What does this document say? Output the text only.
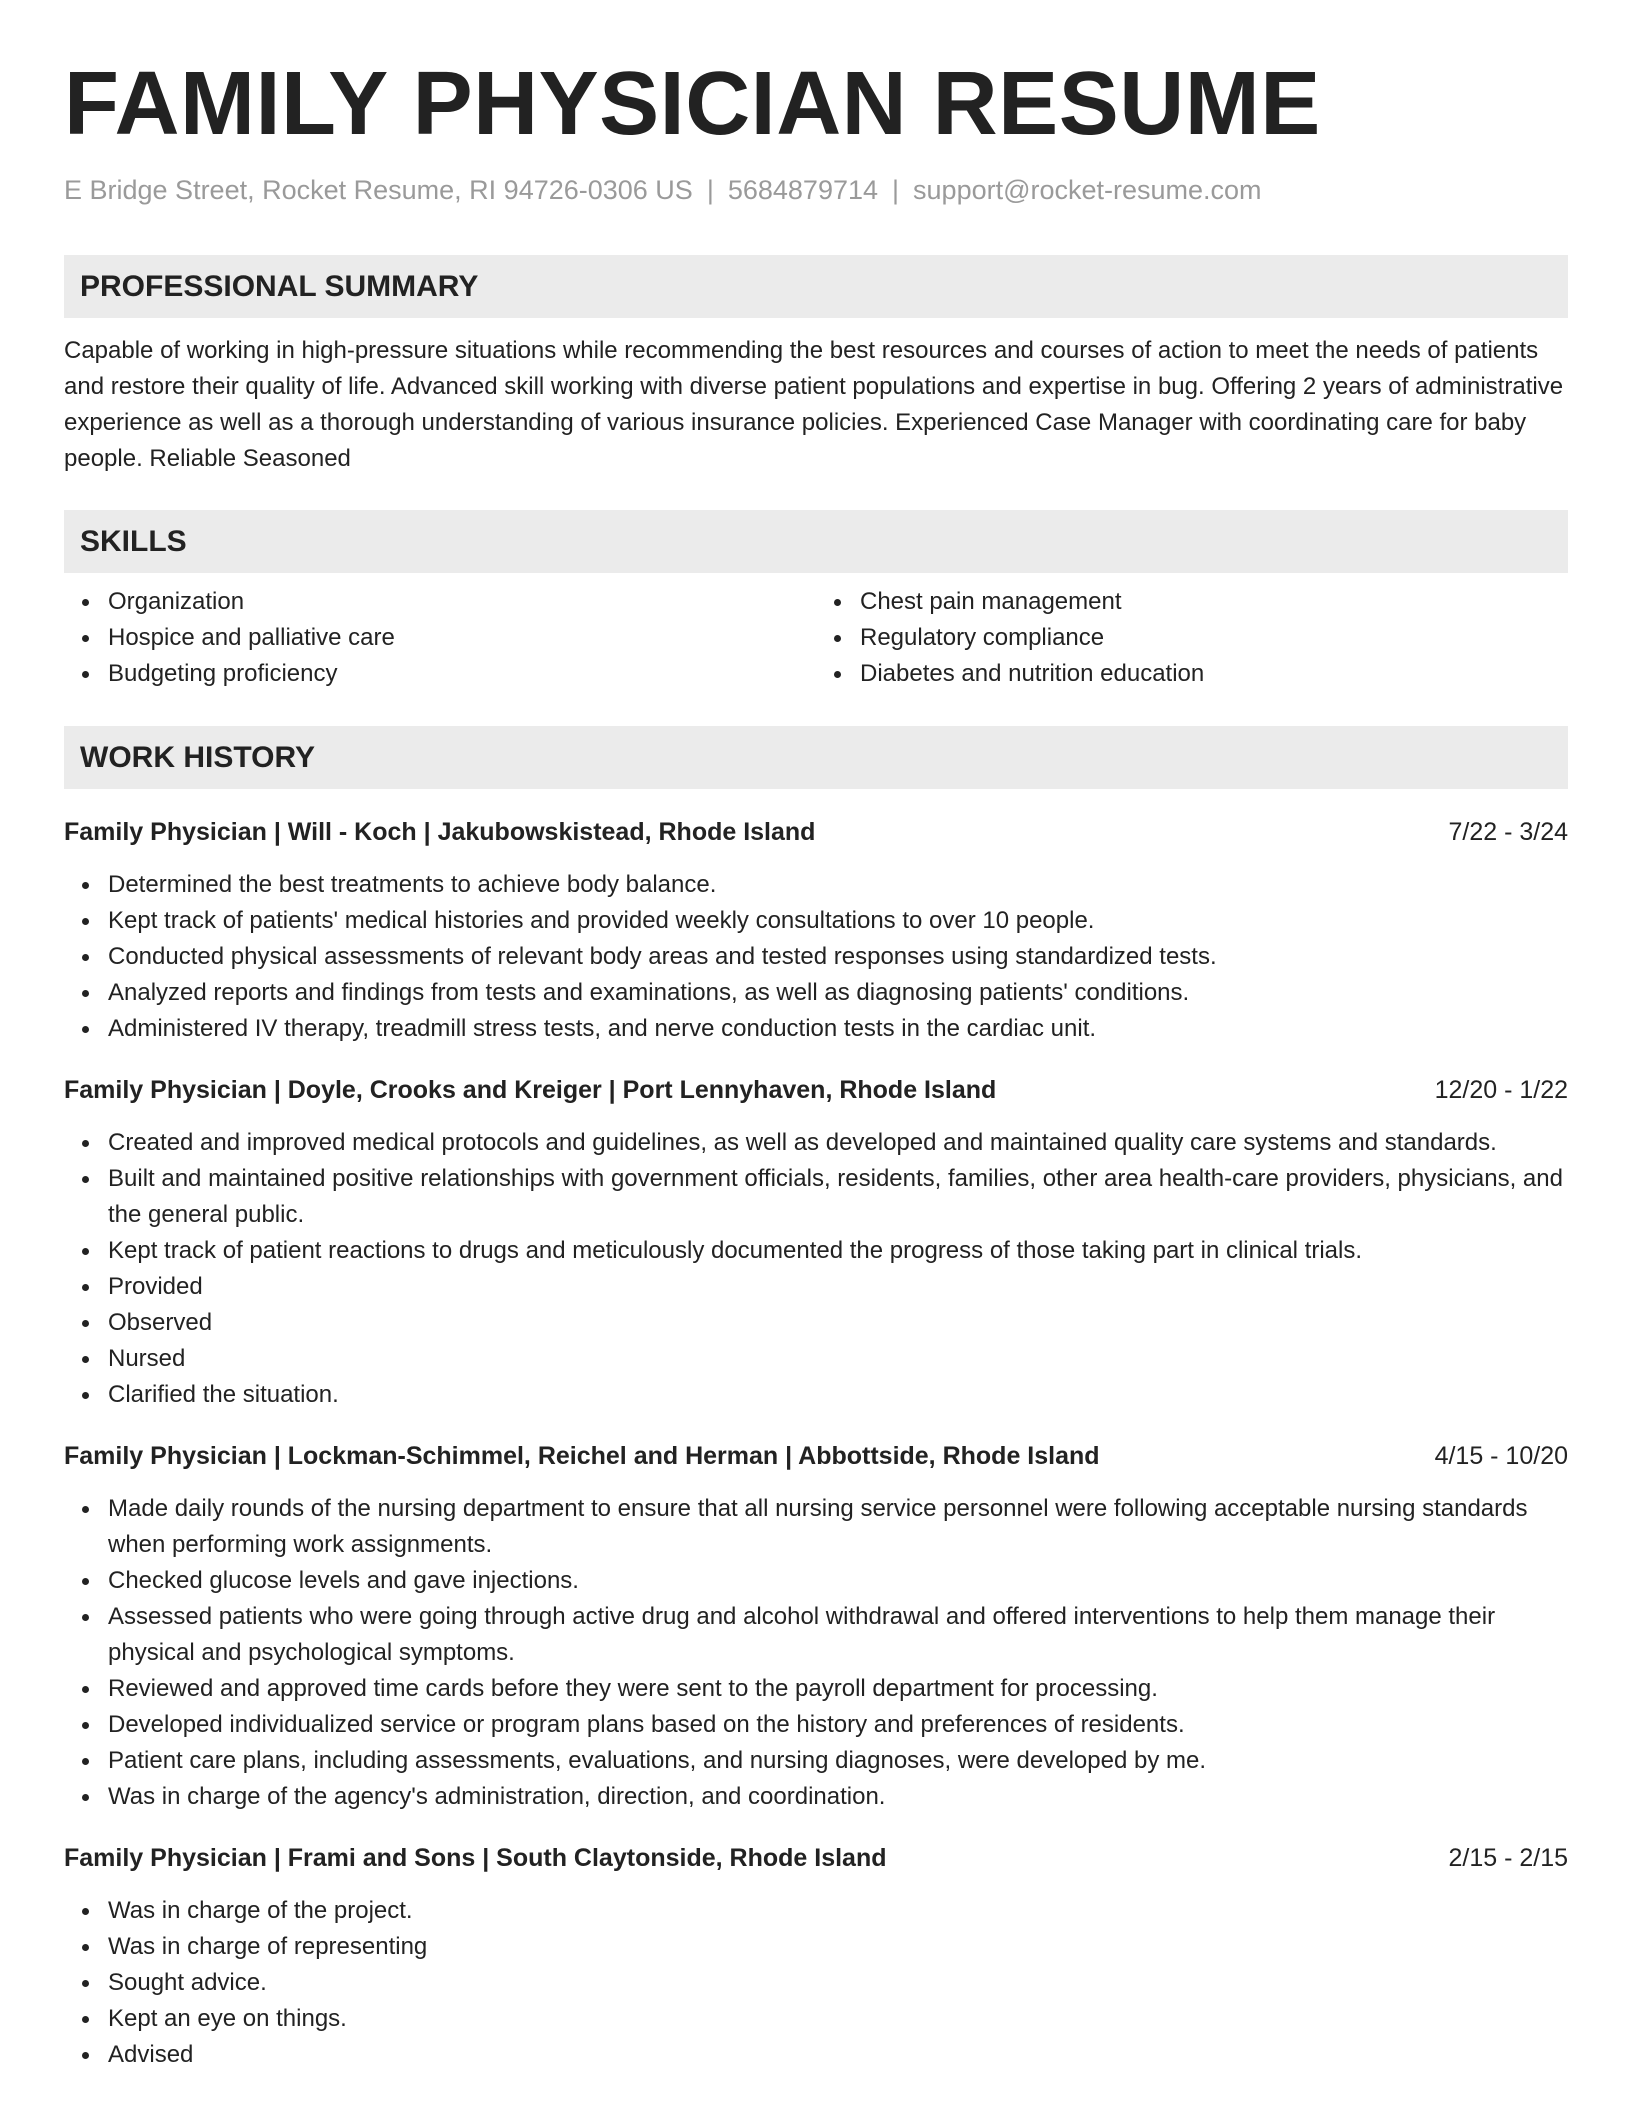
FAMILY PHYSICIAN RESUME
E Bridge Street, Rocket Resume, RI 94726-0306 US | 5684879714 | support@rocket-resume.com
PROFESSIONAL SUMMARY
Capable of working in high-pressure situations while recommending the best resources and courses of action to meet the needs of patients and restore their quality of life. Advanced skill working with diverse patient populations and expertise in bug. Offering 2 years of administrative experience as well as a thorough understanding of various insurance policies. Experienced Case Manager with coordinating care for baby people. Reliable Seasoned
SKILLS
Organization
Hospice and palliative care
Budgeting proficiency
Chest pain management
Regulatory compliance
Diabetes and nutrition education
WORK HISTORY
Family Physician | Will - Koch | Jakubowskistead, Rhode Island	7/22 - 3/24
Determined the best treatments to achieve body balance.
Kept track of patients' medical histories and provided weekly consultations to over 10 people.
Conducted physical assessments of relevant body areas and tested responses using standardized tests.
Analyzed reports and findings from tests and examinations, as well as diagnosing patients' conditions.
Administered IV therapy, treadmill stress tests, and nerve conduction tests in the cardiac unit.
Family Physician | Doyle, Crooks and Kreiger | Port Lennyhaven, Rhode Island	12/20 - 1/22
Created and improved medical protocols and guidelines, as well as developed and maintained quality care systems and standards.
Built and maintained positive relationships with government officials, residents, families, other area health-care providers, physicians, and the general public.
Kept track of patient reactions to drugs and meticulously documented the progress of those taking part in clinical trials.
Provided
Observed
Nursed
Clarified the situation.
Family Physician | Lockman-Schimmel, Reichel and Herman | Abbottside, Rhode Island	4/15 - 10/20
Made daily rounds of the nursing department to ensure that all nursing service personnel were following acceptable nursing standards when performing work assignments.
Checked glucose levels and gave injections.
Assessed patients who were going through active drug and alcohol withdrawal and offered interventions to help them manage their physical and psychological symptoms.
Reviewed and approved time cards before they were sent to the payroll department for processing.
Developed individualized service or program plans based on the history and preferences of residents.
Patient care plans, including assessments, evaluations, and nursing diagnoses, were developed by me.
Was in charge of the agency's administration, direction, and coordination.
Family Physician | Frami and Sons | South Claytonside, Rhode Island	2/15 - 2/15
Was in charge of the project.
Was in charge of representing
Sought advice.
Kept an eye on things.
Advised
